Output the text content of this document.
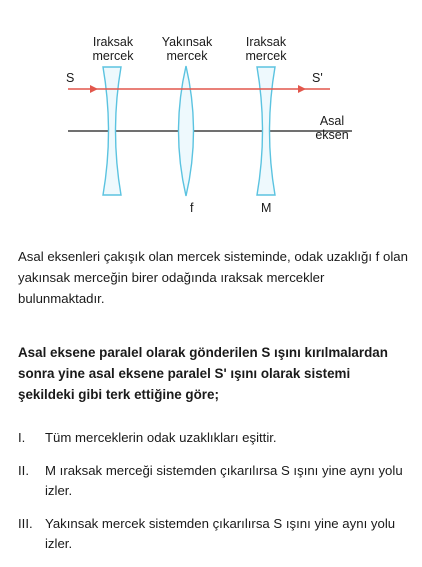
Iraksak
mercek
Yakınsak
mercek
Iraksak
mercek
S	S'
Asal
eksen
f	M

Asal eksenleri çakışık olan mercek sisteminde, odak uzaklığı f olan yakınsak merceğin birer odağında ıraksak mercekler bulunmaktadır.

Asal eksene paralel olarak gönderilen S ışını kırılmalardan sonra yine asal eksene paralel S' ışını olarak sistemi şekildeki gibi terk ettiğine göre;

I.	Tüm merceklerin odak uzaklıkları eşittir.
II.	M ıraksak merceği sistemden çıkarılırsa S ışını yine aynı yolu izler.
III. Yakınsak mercek sistemden çıkarılırsa S ışını yine aynı yolu izler.
